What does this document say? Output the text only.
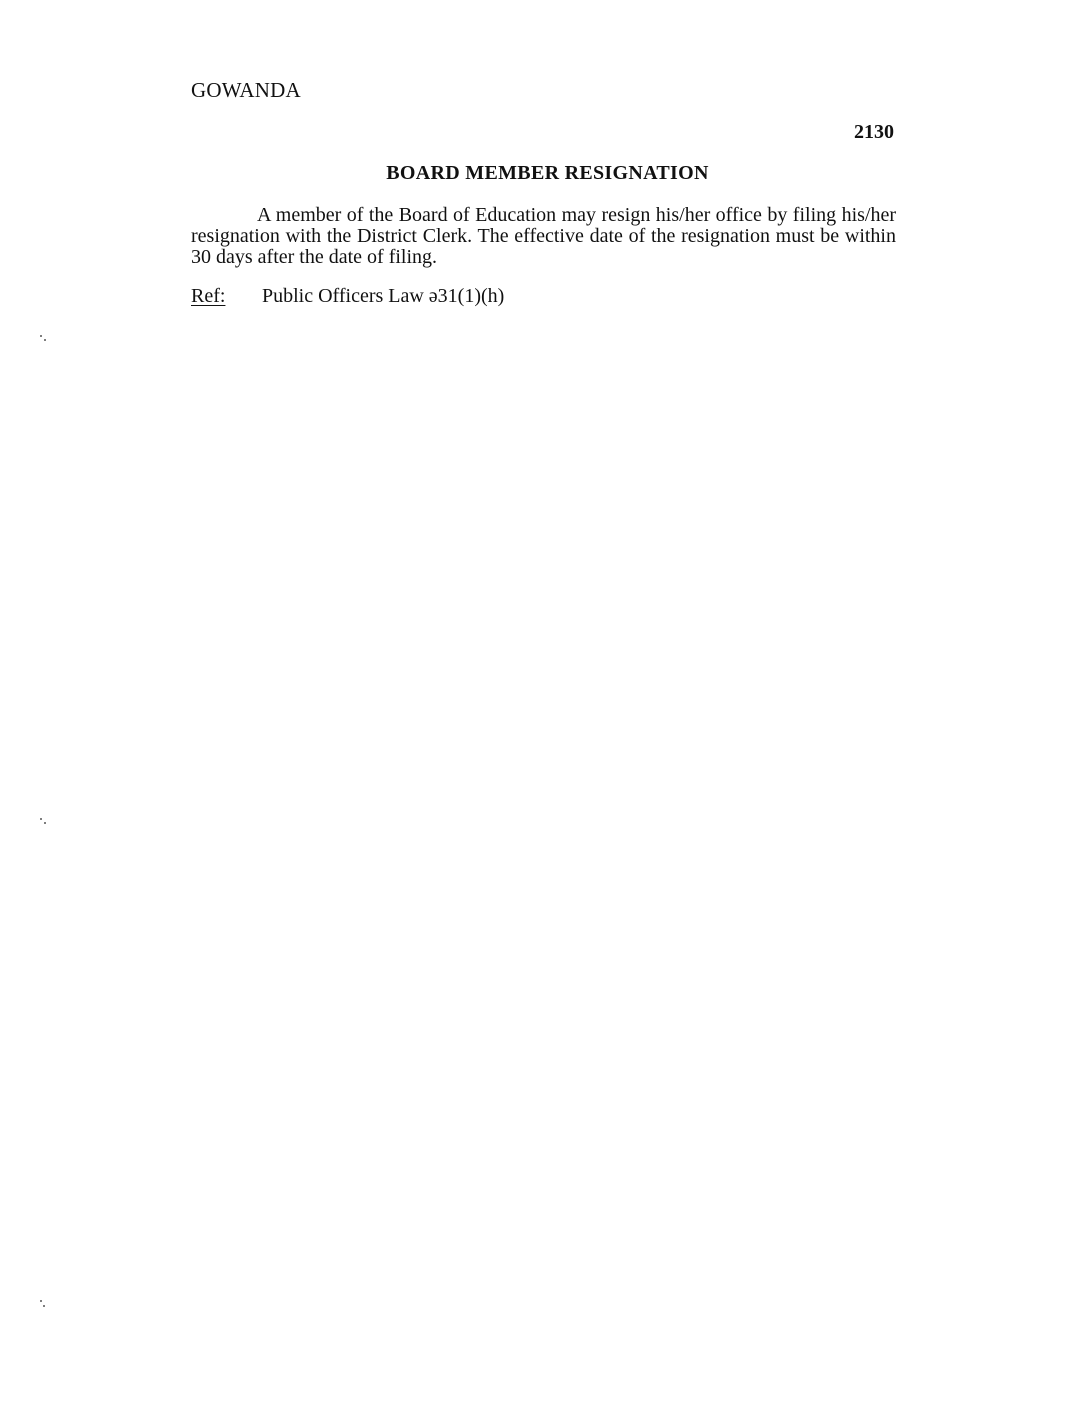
GOWANDA
2130
BOARD MEMBER RESIGNATION
A member of the Board of Education may resign his/her office by filing his/her resignation with the District Clerk. The effective date of the resignation must be within 30 days after the date of filing.
Ref: Public Officers Law ə31(1)(h)
